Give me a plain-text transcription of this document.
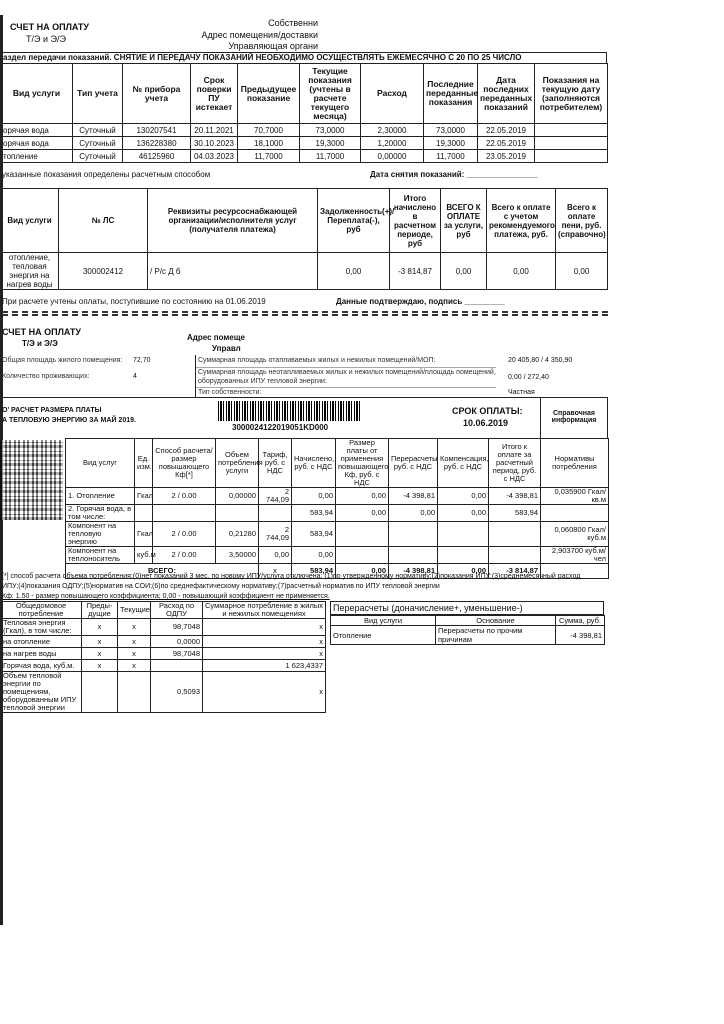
СЧЕТ НА ОПЛАТУ
Т/Э и Э/Э
Собственни
Адрес помещения/доставки
Управляющая органи
аздел передачи показаний. СНЯТИЕ И ПЕРЕДАЧУ ПОКАЗАНИЙ НЕОБХОДИМО ОСУЩЕСТВЛЯТЬ ЕЖЕМЕСЯЧНО С 20 ПО 25 ЧИСЛО
Вид услуги	Тип учета	№ прибора учета	Срок поверки ПУ истекает	Предыдущее показание	Текущие показания (учтены в расчете текущего месяца)	Расход	Последние переданные показания	Дата последних переданных показаний	Показания на текущую дату (заполняются потребителем)
орячая вода	Суточный	130207541	20.11.2021	70,7000	73,0000	2,30000	73,0000	22.05.2019	
орячая вода	Суточный	136228380	30.10.2023	18,1000	19,3000	1,20000	19,3000	22.05.2019	
топление	Суточный	46125960	04.03.2023	11,7000	11,7000	0,00000	11,7000	23.05.2019	
указанные показания определены расчетным способом	Дата снятия показаний: ________________
Вид услуги	№ ЛС	Реквизиты ресурсоснабжающей организации/исполнителя услуг (получателя платежа)	Задолженность(+)/ Переплата(-), руб	Итого начислено в расчетном периоде, руб	ВСЕГО К ОПЛАТЕ за услуги, руб	Всего к оплате с учетом рекомендуемого платежа, руб.	Всего к оплате пени, руб. (справочно)
отопление, тепловая энергия на нагрев воды	300002412	/ Р/с Д б	0,00	-3 814,87	0,00	0,00	0,00
При расчете учтены оплаты, поступившие по состоянию на 01.06.2019	Данные подтверждаю, подпись _________
СЧЕТ НА ОПЛАТУ
Т/Э и Э/Э
Адрес помеще
Управл
Общая площадь жилого помещения: 72,70
Количество проживающих:	4
Суммарная площадь отапливаемых жилых и нежилых помещений/МОП:	20 405,80 / 4 350,90
Суммарная площадь неотапливаемых жилых и нежилых помещений/площадь помещений,
оборудованных ИПУ тепловой энергии:
0,00 / 272,40
Тип собственности:	Частная
О' РАСЧЕТ РАЗМЕРА ПЛАТЫ
А ТЕПЛОВУЮ ЭНЕРГИЮ ЗА МАЙ 2019.
3000024122019051KD000
СРОК ОПЛАТЫ:
10.06.2019
Справочная информация
Вид услуг	Ед. изм.	Способ расчета/ размер повышающего Кф[*]	Объем потребления услуги	Тариф, руб. с НДС	Начислено, руб. с НДС	Размер платы от применения повышающего Кф, руб. с НДС	Перерасчеты руб. с НДС	Компенсация, руб. с НДС	Итого к оплате за расчетный период, руб. с НДС	Нормативы потребления
1. Отопление	Гкал	2 / 0.00	0,00000	2 744,09	0,00	0,00	-4 398,81	0,00	-4 398,81	0,035900 Гкал/кв.м
2. Горячая вода, в том числе:					583,94	0,00	0,00	0,00	583,94	
Компонент на тепловую энергию	Гкал	2 / 0.00	0,21280	2 744,09	583,94					0,060800 Гкал/куб.м
Компонент на теплоноситель	куб.м	2 / 0.00	3,50000	0,00	0,00					2,903700 куб.м/чел
ВСЕГО:				x	583,94	0,00	-4 398,81	0,00	-3 814,87	
[*] способ расчета объема потребления:(0)нет показаний 3 мес. по новому ИПУ/услуга отключена; (1)по утвержденному нормативу;(2)показания ИПУ;(3)среднемесячный расход
ИПУ;(4)показания ОДПУ;(5)норматив на СОИ;(6)по среднефактическому нормативу;(7)расчетный норматив по ИПУ тепловой энергии
Кф: 1.50 - размер повышающего коэффициента; 0,00 - повышающий коэффициент не применяется.
Общедомовое потребление	Преды- дущие	Текущие	Расход по ОДПУ	Суммарное потребление в жилых и нежилых помещениях
Тепловая энергия (Гкал), в том числе:	x	x	98,7048	x
на отопление	x	x	0,0000	x
на нагрев воды	x	x	98,7048	x
Горячая вода, куб.м.	x	x		1 623,4337
Объем тепловой энергии по помещениям, оборудованным ИПУ тепловой энергии			0,5093	x
Перерасчеты (доначисление+, уменьшение-)
Вид услуги	Основание	Сумма, руб.
Отопление	Перерасчеты по прочим причинам	-4 398,81
